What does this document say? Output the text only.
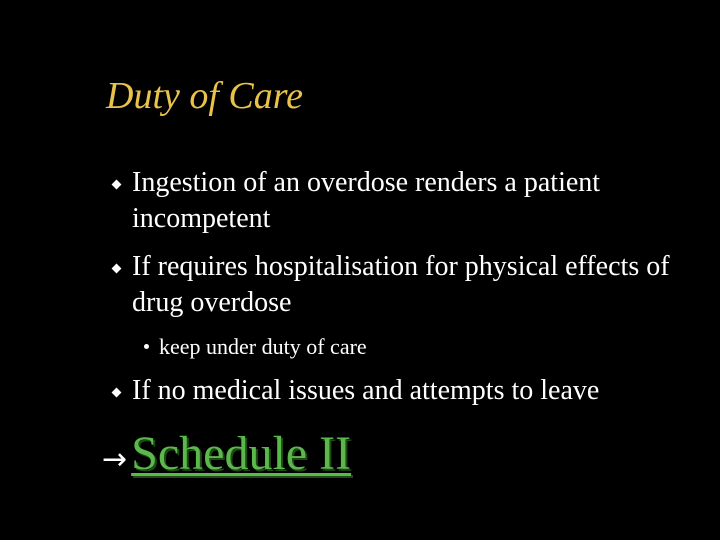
Duty of Care
Ingestion of an overdose renders a patient incompetent
If requires hospitalisation for physical effects of drug overdose
keep under duty of care
If no medical issues and attempts to leave
→Schedule II
